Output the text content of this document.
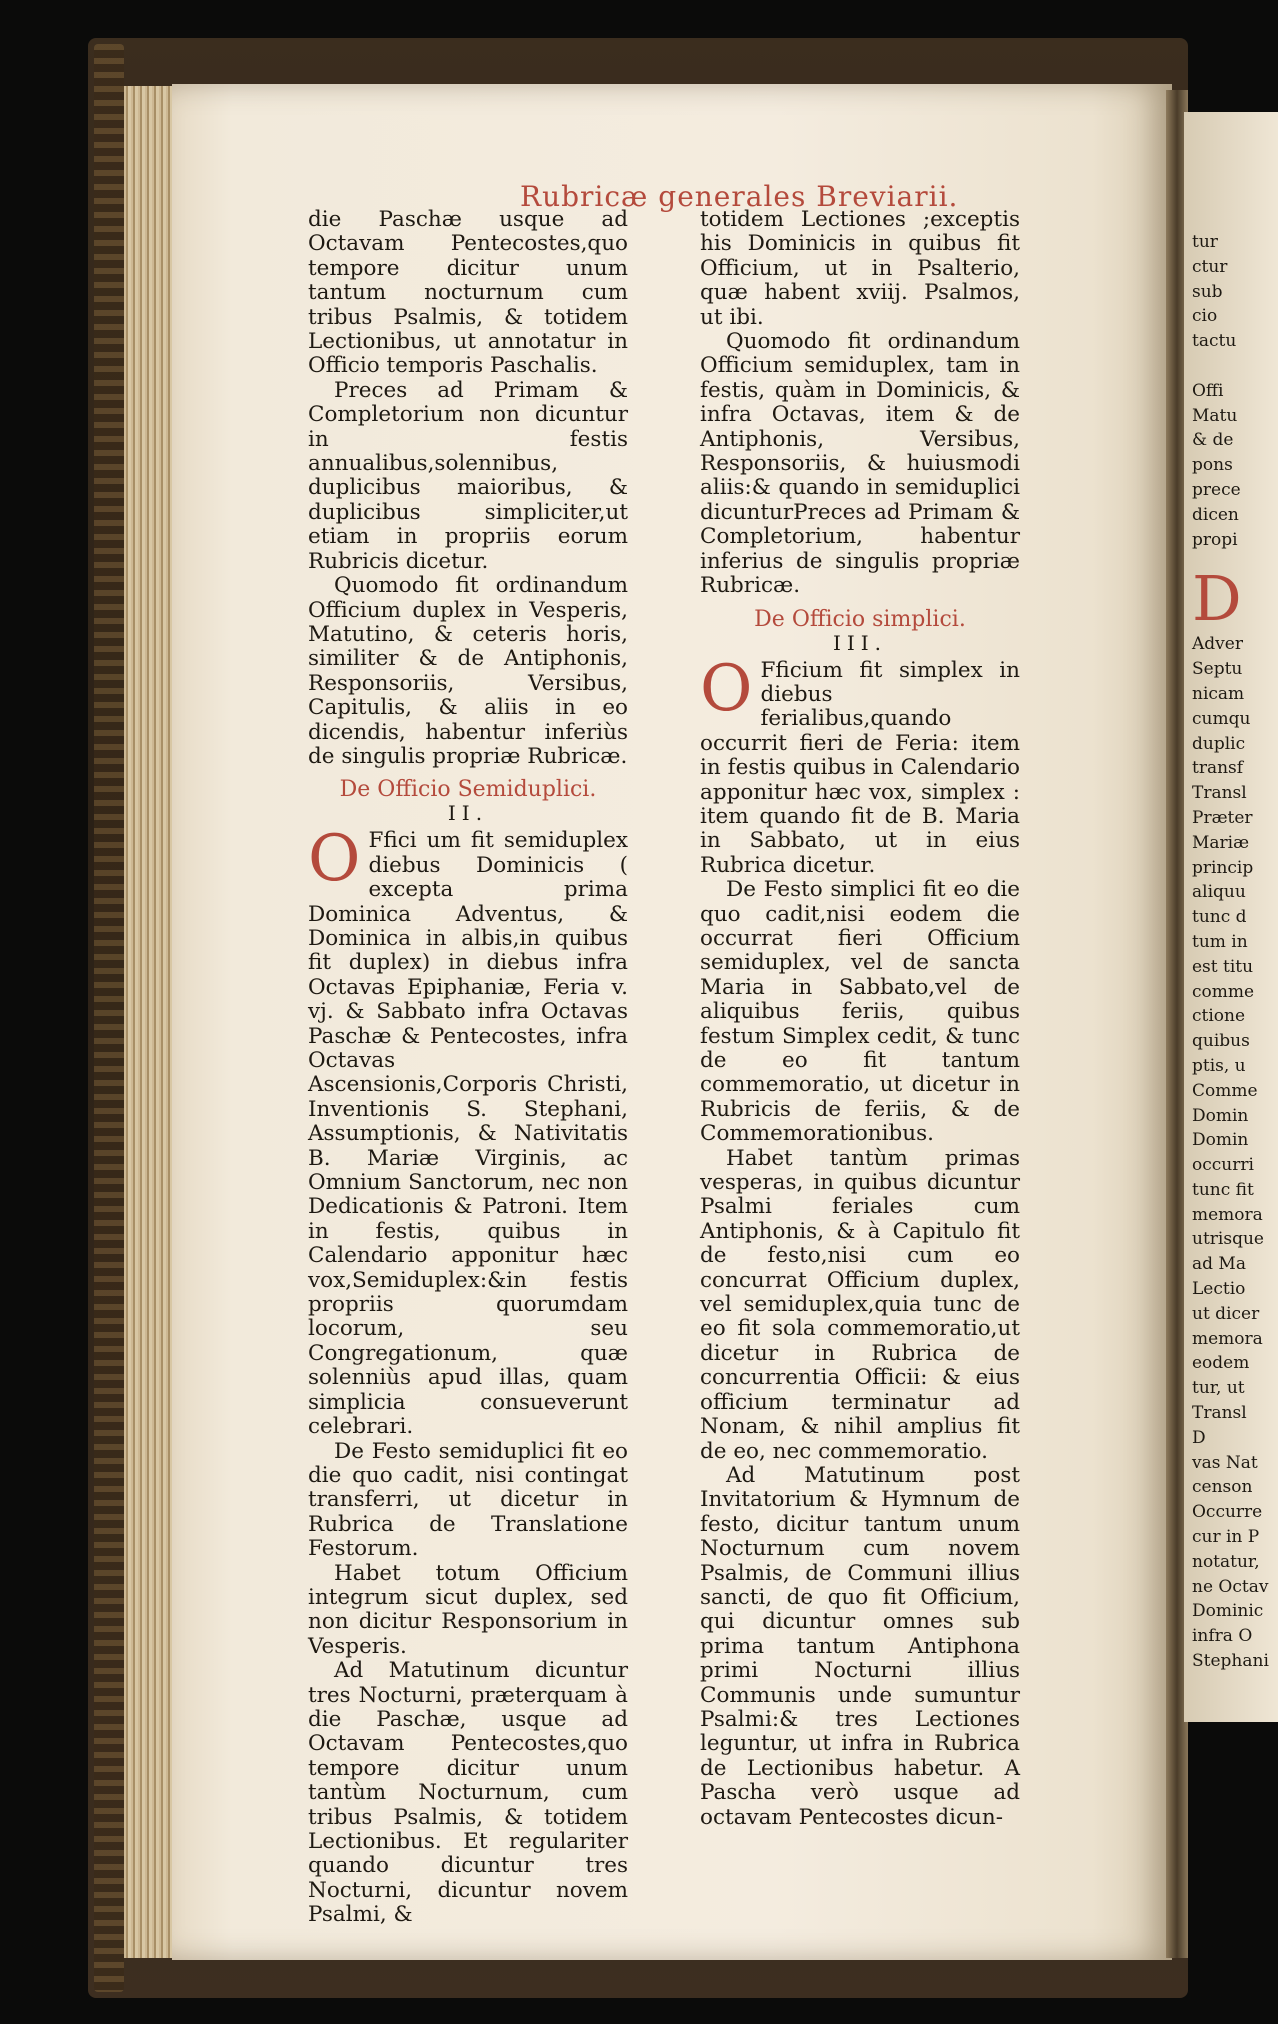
tur
ctur
sub
cio
tactu

Offi
Matu
& de
pons
prece
dicen
propi
D
Adver
Septu
nicam
cumqu
duplic
transf
Transl
Præter
Mariæ
princip
aliquu
tunc d
tum in
est titu
comme
ctione
quibus
ptis, u
Comme
Domin
Domin
occurri
tunc fit
memora
utrisque
ad Ma
Lectio
ut dicer
memora
eodem
tur, ut
Transl
D
vas Nat
censon
Occurre
cur in P
notatur,
ne Octav
Dominic
infra O
Stephani
Rubricæ generales Breviarii.

die Paschæ usque ad Octavam Pentecostes,quo tempore dicitur unum tantum nocturnum cum tribus Psalmis, & totidem Lectionibus, ut annotatur in Officio temporis Paschalis.

Preces ad Primam & Completorium non dicuntur in festis annualibus,solennibus, duplicibus maioribus, & duplicibus simpliciter,ut etiam in propriis eorum Rubricis dicetur.

Quomodo fit ordinandum Officium duplex in Vesperis, Matutino, & ceteris horis, similiter & de Antiphonis, Responsoriis, Versibus, Capitulis, & aliis in eo dicendis, habentur inferiùs de singulis propriæ Rubricæ.

De Officio Semiduplici.
II.

O Ffici um fit semiduplex diebus Dominicis ( excepta prima Dominica Adventus, & Dominica in albis,in quibus fit duplex) in diebus infra Octavas Epiphaniæ, Feria v. vj. & Sabbato infra Octavas Paschæ & Pentecostes, infra Octavas Ascensionis,Corporis Christi, Inventionis S. Stephani, Assumptionis, & Nativitatis B. Mariæ Virginis, ac Omnium Sanctorum, nec non Dedicationis & Patroni. Item in festis, quibus in Calendario apponitur hæc vox,Semiduplex:&in festis propriis quorumdam locorum, seu Congregationum, quæ solenniùs apud illas, quam simplicia consueverunt celebrari.

De Festo semiduplici fit eo die quo cadit, nisi contingat transferri, ut dicetur in Rubrica de Translatione Festorum.

Habet totum Officium integrum sicut duplex, sed non dicitur Responsorium in Vesperis.

Ad Matutinum dicuntur tres Nocturni, præterquam à die Paschæ, usque ad Octavam Pentecostes,quo tempore dicitur unum tantùm Nocturnum, cum tribus Psalmis, & totidem Lectionibus. Et regulariter quando dicuntur tres Nocturni, dicuntur novem Psalmi, &

totidem Lectiones ;exceptis his Dominicis in quibus fit Officium, ut in Psalterio, quæ habent xviij. Psalmos, ut ibi.

Quomodo fit ordinandum Officium semiduplex, tam in festis, quàm in Dominicis, & infra Octavas, item & de Antiphonis, Versibus, Responsoriis, & huiusmodi aliis:& quando in semiduplici dicunturPreces ad Primam & Completorium, habentur inferius de singulis propriæ Rubricæ.

De Officio simplici.
III.

O Fficium fit simplex in diebus ferialibus,quando occurrit fieri de Feria: item in festis quibus in Calendario apponitur hæc vox, simplex : item quando fit de B. Maria in Sabbato, ut in eius Rubrica dicetur.

De Festo simplici fit eo die quo cadit,nisi eodem die occurrat fieri Officium semiduplex, vel de sancta Maria in Sabbato,vel de aliquibus feriis, quibus festum Simplex cedit, & tunc de eo fit tantum commemoratio, ut dicetur in Rubricis de feriis, & de Commemorationibus.

Habet tantùm primas vesperas, in quibus dicuntur Psalmi feriales cum Antiphonis, & à Capitulo fit de festo,nisi cum eo concurrat Officium duplex, vel semiduplex,quia tunc de eo fit sola commemoratio,ut dicetur in Rubrica de concurrentia Officii: & eius officium terminatur ad Nonam, & nihil amplius fit de eo, nec commemoratio.

Ad Matutinum post Invitatorium & Hymnum de festo, dicitur tantum unum Nocturnum cum novem Psalmis, de Communi illius sancti, de quo fit Officium, qui dicuntur omnes sub prima tantum Antiphona primi Nocturni illius Communis unde sumuntur Psalmi:& tres Lectiones leguntur, ut infra in Rubrica de Lectionibus habetur. A Pascha verò usque ad octavam Pentecostes dicun-
